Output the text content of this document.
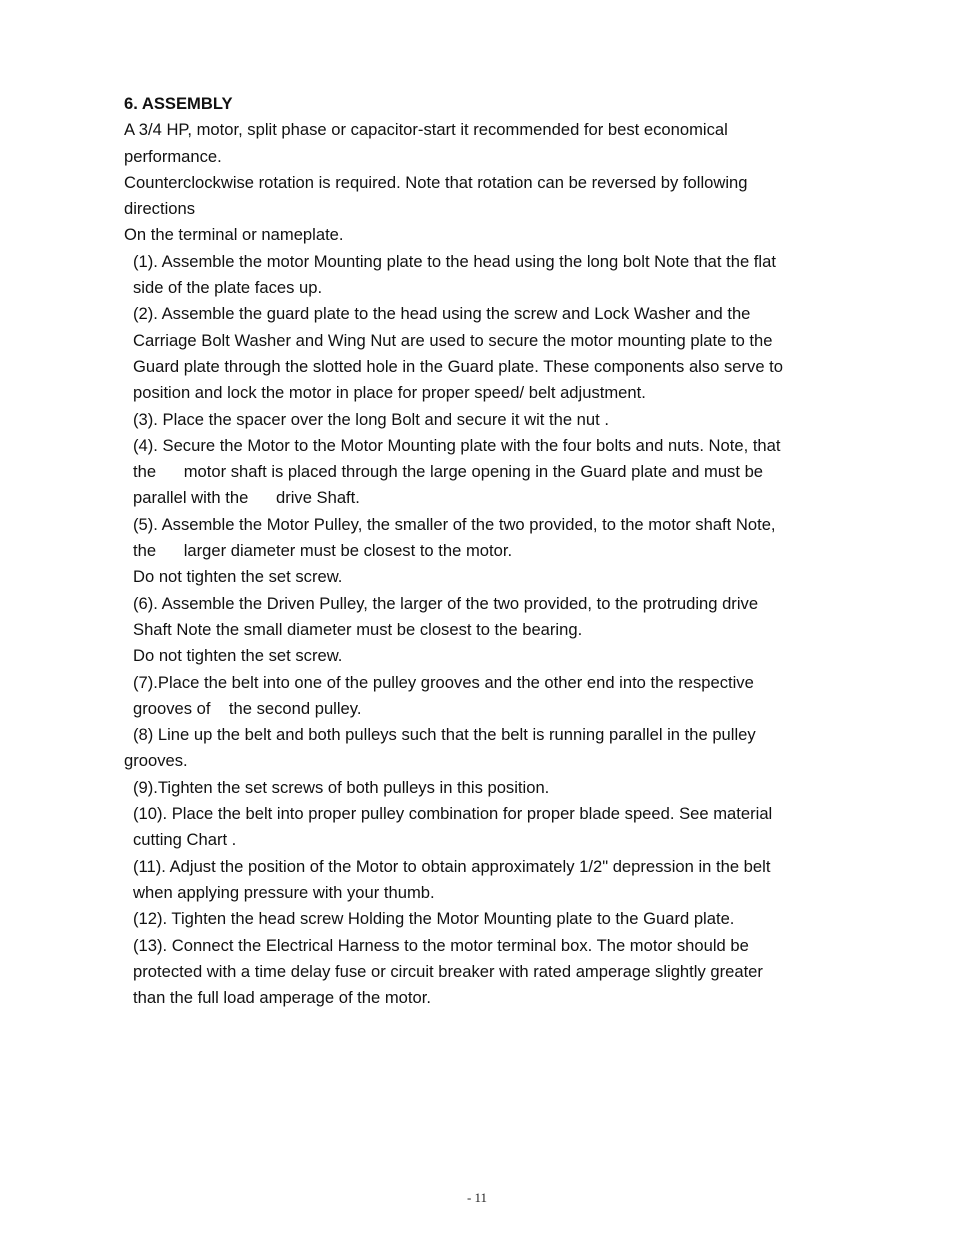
6. ASSEMBLY

A 3/4 HP, motor, split phase or capacitor-start it recommended for best economical

performance.

Counterclockwise rotation is required. Note that rotation can be reversed by following

directions

On the terminal or nameplate.

(1). Assemble the motor Mounting plate to the head using the long bolt Note that the flat

side of the plate faces up.

(2). Assemble the guard plate to the head using the screw and Lock Washer and the

Carriage Bolt Washer and Wing Nut are used to secure the motor mounting plate to the

Guard plate through the slotted hole in the Guard plate. These components also serve to

position and lock the motor in place for proper speed/ belt adjustment.

(3). Place the spacer over the long Bolt and secure it wit the nut .

(4). Secure the Motor to the Motor Mounting plate with the four bolts and nuts. Note, that

the      motor shaft is placed through the large opening in the Guard plate and must be

parallel with the      drive Shaft.

(5). Assemble the Motor Pulley, the smaller of the two provided, to the motor shaft Note,

the      larger diameter must be closest to the motor.

Do not tighten the set screw.

(6). Assemble the Driven Pulley, the larger of the two provided, to the protruding drive

Shaft Note the small diameter must be closest to the bearing.

Do not tighten the set screw.

(7).Place the belt into one of the pulley grooves and the other end into the respective

grooves of    the second pulley.

(8) Line up the belt and both pulleys such that the belt is running parallel in the pulley

grooves.

(9).Tighten the set screws of both pulleys in this position.

(10). Place the belt into proper pulley combination for proper blade speed. See material

cutting Chart .

(11). Adjust the position of the Motor to obtain approximately 1/2" depression in the belt

when applying pressure with your thumb.

(12). Tighten the head screw Holding the Motor Mounting plate to the Guard plate.

(13). Connect the Electrical Harness to the motor terminal box. The motor should be

protected with a time delay fuse or circuit breaker with rated amperage slightly greater

than the full load amperage of the motor.

- 11
